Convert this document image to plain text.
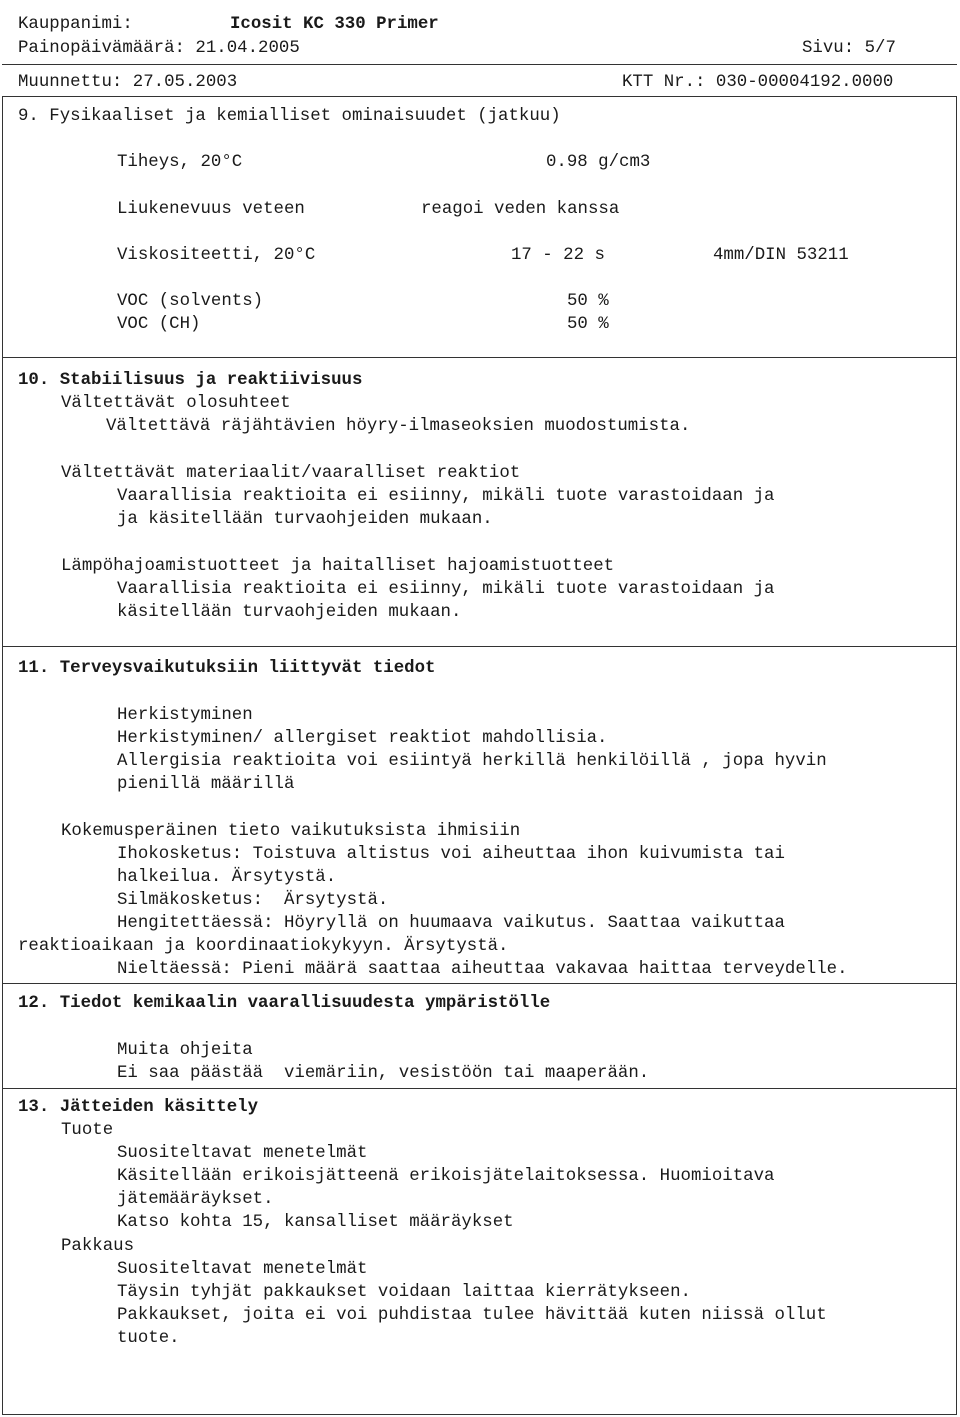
Kauppanimi:	Icosit KC 330 Primer
Painopäivämäärä: 21.04.2005	Sivu: 5/7
Muunnettu: 27.05.2003	KTT Nr.: 030-00004192.0000
9. Fysikaaliset ja kemialliset ominaisuudet (jatkuu)
Tiheys, 20°C	0.98 g/cm3
Liukenevuus veteen	reagoi veden kanssa
Viskositeetti, 20°C	17 - 22 s	4mm/DIN 53211
VOC (solvents)	50 %
VOC (CH)	50 %
10. Stabiilisuus ja reaktiivisuus
Vältettävät olosuhteet
Vältettävä räjähtävien höyry-ilmaseoksien muodostumista.
Vältettävät materiaalit/vaaralliset reaktiot
Vaarallisia reaktioita ei esiinny, mikäli tuote varastoidaan ja
ja käsitellään turvaohjeiden mukaan.
Lämpöhajoamistuotteet ja haitalliset hajoamistuotteet
Vaarallisia reaktioita ei esiinny, mikäli tuote varastoidaan ja
käsitellään turvaohjeiden mukaan.
11. Terveysvaikutuksiin liittyvät tiedot
Herkistyminen
Herkistyminen/ allergiset reaktiot mahdollisia.
Allergisia reaktioita voi esiintyä herkillä henkilöillä , jopa hyvin
pienillä määrillä
Kokemusperäinen tieto vaikutuksista ihmisiin
Ihokosketus: Toistuva altistus voi aiheuttaa ihon kuivumista tai
halkeilua. Ärsytystä.
Silmäkosketus:  Ärsytystä.
Hengitettäessä: Höyryllä on huumaava vaikutus. Saattaa vaikuttaa
reaktioaikaan ja koordinaatiokykyyn. Ärsytystä.
Nieltäessä: Pieni määrä saattaa aiheuttaa vakavaa haittaa terveydelle.
12. Tiedot kemikaalin vaarallisuudesta ympäristölle
Muita ohjeita
Ei saa päästää  viemäriin, vesistöön tai maaperään.
13. Jätteiden käsittely
Tuote
Suositeltavat menetelmät
Käsitellään erikoisjätteenä erikoisjätelaitoksessa. Huomioitava
jätemääräykset.
Katso kohta 15, kansalliset määräykset
Pakkaus
Suositeltavat menetelmät
Täysin tyhjät pakkaukset voidaan laittaa kierrätykseen.
Pakkaukset, joita ei voi puhdistaa tulee hävittää kuten niissä ollut
tuote.
